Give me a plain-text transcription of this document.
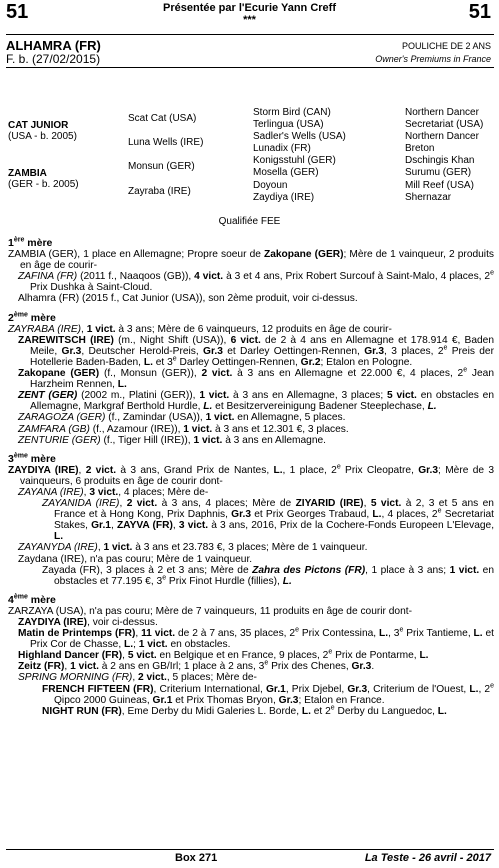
51	51
Présentée par l'Ecurie Yann Creff
***
ALHAMRA (FR)
F. b. (27/02/2015)
POULICHE DE 2 ANS
Owner's Premiums in France
CAT JUNIOR
(USA - b. 2005)
ZAMBIA
(GER - b. 2005)
Scat Cat (USA)
Luna Wells (IRE)
Monsun (GER)
Zayraba (IRE)
Storm Bird (CAN)
Terlingua (USA)
Sadler's Wells (USA)
Lunadix (FR)
Konigsstuhl (GER)
Mosella (GER)
Doyoun
Zaydiya (IRE)
Northern Dancer
Secretariat (USA)
Northern Dancer
Breton
Dschingis Khan
Surumu (GER)
Mill Reef (USA)
Shernazar
Qualifiée FEE

1ère mère

ZAMBIA (GER), 1 place en Allemagne; Propre soeur de Zakopane (GER); Mère de 1 vainqueur, 2 produits en âge de courir-

ZAFINA (FR) (2011 f., Naaqoos (GB)), 4 vict. à 3 et 4 ans, Prix Robert Surcouf à Saint-Malo, 4 places, 2e Prix Dushka à Saint-Cloud.

Alhamra (FR) (2015 f., Cat Junior (USA)), son 2ème produit, voir ci-dessus.

2ème mère

ZAYRABA (IRE), 1 vict. à 3 ans; Mère de 6 vainqueurs, 12 produits en âge de courir-

ZAREWITSCH (IRE) (m., Night Shift (USA)), 6 vict. de 2 à 4 ans en Allemagne et 178.914 €, Baden Meile, Gr.3, Deutscher Herold-Preis, Gr.3 et Darley Oettingen-Rennen, Gr.3, 3 places, 2e Preis der Hotellerie Baden-Baden, L. et 3e Darley Oettingen-Rennen, Gr.2; Etalon en Pologne.

Zakopane (GER) (f., Monsun (GER)), 2 vict. à 3 ans en Allemagne et 22.000 €, 4 places, 2e Jean Harzheim Rennen, L.

ZENT (GER) (2002 m., Platini (GER)), 1 vict. à 3 ans en Allemagne, 3 places; 5 vict. en obstacles en Allemagne, Markgraf Berthold Hurdle, L. et Besitzervereinigung Badener Steeplechase, L.

ZARAGOZA (GER) (f., Zamindar (USA)), 1 vict. en Allemagne, 5 places.

ZAMFARA (GB) (f., Azamour (IRE)), 1 vict. à 3 ans et 12.301 €, 3 places.

ZENTURIE (GER) (f., Tiger Hill (IRE)), 1 vict. à 3 ans en Allemagne.

3ème mère

ZAYDIYA (IRE), 2 vict. à 3 ans, Grand Prix de Nantes, L., 1 place, 2e Prix Cleopatre, Gr.3; Mère de 3 vainqueurs, 6 produits en âge de courir dont-

ZAYANA (IRE), 3 vict., 4 places; Mère de-

ZAYANIDA (IRE), 2 vict. à 3 ans, 4 places; Mère de ZIYARID (IRE), 5 vict. à 2, 3 et 5 ans en France et à Hong Kong, Prix Daphnis, Gr.3 et Prix Georges Trabaud, L., 4 places, 2e Secretariat Stakes, Gr.1, ZAYVA (FR), 3 vict. à 3 ans, 2016, Prix de la Cochere-Fonds Europeen L'Elevage, L.

ZAYANYDA (IRE), 1 vict. à 3 ans et 23.783 €, 3 places; Mère de 1 vainqueur.

Zaydana (IRE), n'a pas couru; Mère de 1 vainqueur.

Zayada (FR), 3 places à 2 et 3 ans; Mère de Zahra des Pictons (FR), 1 place à 3 ans; 1 vict. en obstacles et 77.195 €, 3e Prix Finot Hurdle (fillies), L.

4ème mère

ZARZAYA (USA), n'a pas couru; Mère de 7 vainqueurs, 11 produits en âge de courir dont-

ZAYDIYA (IRE), voir ci-dessus.

Matin de Printemps (FR), 11 vict. de 2 à 7 ans, 35 places, 2e Prix Contessina, L., 3e Prix Tantieme, L. et Prix Cor de Chasse, L.; 1 vict. en obstacles.

Highland Dancer (FR), 5 vict. en Belgique et en France, 9 places, 2e Prix de Pontarme, L.

Zeitz (FR), 1 vict. à 2 ans en GB/Irl; 1 place à 2 ans, 3e Prix des Chenes, Gr.3.

SPRING MORNING (FR), 2 vict., 5 places; Mère de-

FRENCH FIFTEEN (FR), Criterium International, Gr.1, Prix Djebel, Gr.3, Criterium de l'Ouest, L., 2e Qipco 2000 Guineas, Gr.1 et Prix Thomas Bryon, Gr.3; Etalon en France.

NIGHT RUN (FR), Eme Derby du Midi Galeries L. Borde, L. et 2e Derby du Languedoc, L.

Box 271	La Teste - 26 avril - 2017
